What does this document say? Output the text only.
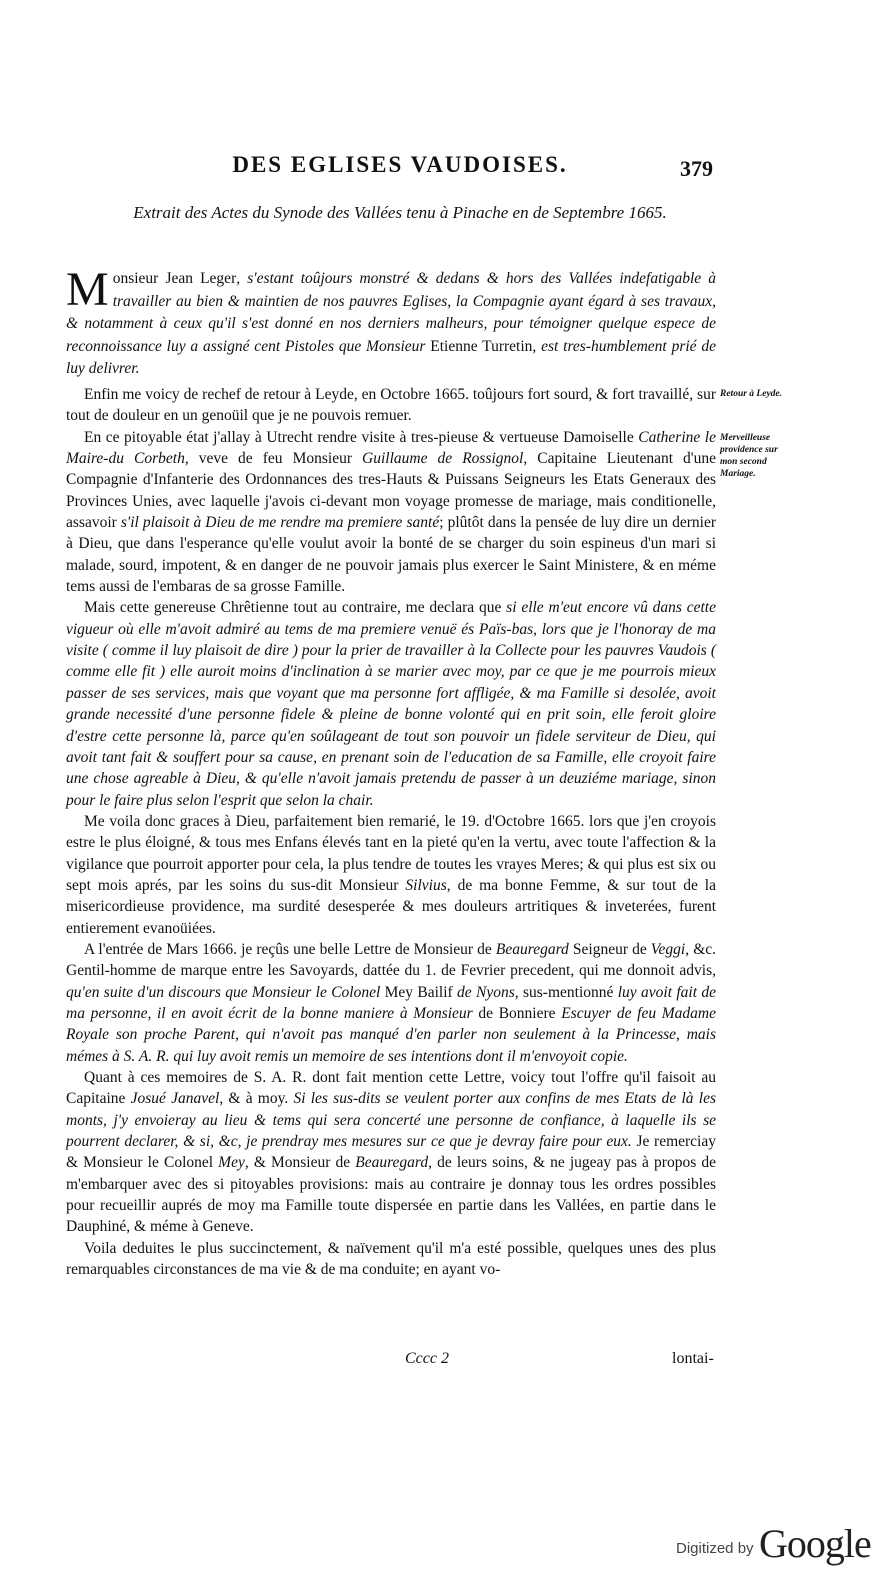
DES EGLISES VAUDOISES.	379
Extrait des Actes du Synode des Vallées tenu à Pinache en de Septembre 1665.
Monsieur Jean Leger, s'estant toûjours monstré & dedans & hors des Vallées indefatigable à travailler au bien & maintien de nos pauvres Eglises, la Compagnie ayant égard à ses travaux, & notamment à ceux qu'il s'est donné en nos derniers malheurs, pour témoigner quelque espece de reconnoissance luy a assigné cent Pistoles que Monsieur Etienne Turretin, est tres-humblement prié de luy delivrer.
Retour à Leyde.
Merveilleuse providence sur mon second Mariage.

Enfin me voicy de rechef de retour à Leyde, en Octobre 1665. toûjours fort sourd, & fort travaillé, sur tout de douleur en un genoüil que je ne pouvois remuer.

En ce pitoyable état j'allay à Utrecht rendre visite à tres-pieuse & vertueuse Damoiselle Catherine le Maire-du Corbeth, veve de feu Monsieur Guillaume de Rossignol, Capitaine Lieutenant d'une Compagnie d'Infanterie des Ordonnances des tres-Hauts & Puissans Seigneurs les Etats Generaux des Provinces Unies, avec laquelle j'avois ci-devant mon voyage promesse de mariage, mais conditionelle, assavoir s'il plaisoit à Dieu de me rendre ma premiere santé; plûtôt dans la pensée de luy dire un dernier à Dieu, que dans l'esperance qu'elle voulut avoir la bonté de se charger du soin espineus d'un mari si malade, sourd, impotent, & en danger de ne pouvoir jamais plus exercer le Saint Ministere, & en méme tems aussi de l'embaras de sa grosse Famille.

Mais cette genereuse Chrêtienne tout au contraire, me declara que si elle m'eut encore vû dans cette vigueur où elle m'avoit admiré au tems de ma premiere venuë és Païs-bas, lors que je l'honoray de ma visite ( comme il luy plaisoit de dire ) pour la prier de travailler à la Collecte pour les pauvres Vaudois ( comme elle fit ) elle auroit moins d'inclination à se marier avec moy, par ce que je me pourrois mieux passer de ses services, mais que voyant que ma personne fort affligée, & ma Famille si desolée, avoit grande necessité d'une personne fidele & pleine de bonne volonté qui en prit soin, elle feroit gloire d'estre cette personne là, parce qu'en soûlageant de tout son pouvoir un fidele serviteur de Dieu, qui avoit tant fait & souffert pour sa cause, en prenant soin de l'education de sa Famille, elle croyoit faire une chose agreable à Dieu, & qu'elle n'avoit jamais pretendu de passer à un deuziéme mariage, sinon pour le faire plus selon l'esprit que selon la chair.

Me voila donc graces à Dieu, parfaitement bien remarié, le 19. d'Octobre 1665. lors que j'en croyois estre le plus éloigné, & tous mes Enfans élevés tant en la pieté qu'en la vertu, avec toute l'affection & la vigilance que pourroit apporter pour cela, la plus tendre de toutes les vrayes Meres; & qui plus est six ou sept mois aprés, par les soins du sus-dit Monsieur Silvius, de ma bonne Femme, & sur tout de la misericordieuse providence, ma surdité desesperée & mes douleurs artritiques & inveterées, furent entierement evanoüiées.

A l'entrée de Mars 1666. je reçûs une belle Lettre de Monsieur de Beauregard Seigneur de Veggi, &c. Gentil-homme de marque entre les Savoyards, dattée du 1. de Fevrier precedent, qui me donnoit advis, qu'en suite d'un discours que Monsieur le Colonel Mey Bailif de Nyons, sus-mentionné luy avoit fait de ma personne, il en avoit écrit de la bonne maniere à Monsieur de Bonniere Escuyer de feu Madame Royale son proche Parent, qui n'avoit pas manqué d'en parler non seulement à la Princesse, mais mémes à S. A. R. qui luy avoit remis un memoire de ses intentions dont il m'envoyoit copie.

Quant à ces memoires de S. A. R. dont fait mention cette Lettre, voicy tout l'offre qu'il faisoit au Capitaine Josué Janavel, & à moy. Si les sus-dits se veulent porter aux confins de mes Etats de là les monts, j'y envoieray au lieu & tems qui sera concerté une personne de confiance, à laquelle ils se pourrent declarer, & si, &c, je prendray mes mesures sur ce que je devray faire pour eux. Je remerciay & Monsieur le Colonel Mey, & Monsieur de Beauregard, de leurs soins, & ne jugeay pas à propos de m'embarquer avec des si pitoyables provisions: mais au contraire je donnay tous les ordres possibles pour recueillir auprés de moy ma Famille toute dispersée en partie dans les Vallées, en partie dans le Dauphiné, & méme à Geneve.

Voila deduites le plus succinctement, & naïvement qu'il m'a esté possible, quelques unes des plus remarquables circonstances de ma vie & de ma conduite; en ayant vo-

Cccc 2	lontai-
Digitized by Google
